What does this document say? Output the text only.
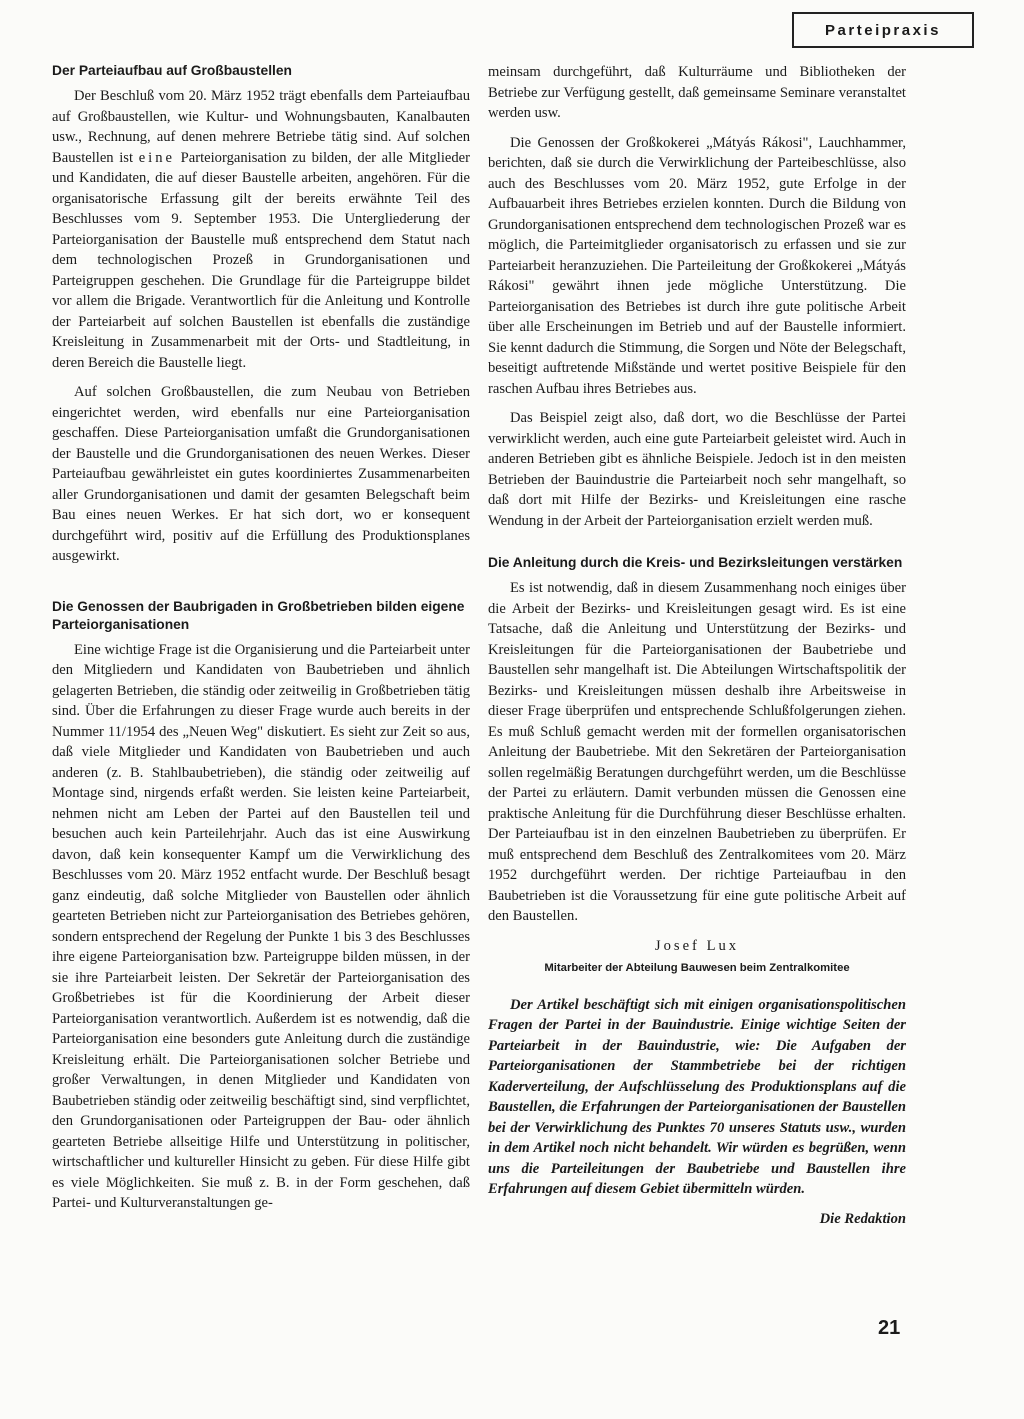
Parteipraxis
Der Parteiaufbau auf Großbaustellen

Der Beschluß vom 20. März 1952 trägt ebenfalls dem Parteiaufbau auf Großbaustellen, wie Kultur- und Wohnungsbauten, Kanalbauten usw., Rechnung, auf denen mehrere Betriebe tätig sind. Auf solchen Baustellen ist eine Parteiorganisation zu bilden, der alle Mitglieder und Kandidaten, die auf dieser Baustelle arbeiten, angehören. Für die organisatorische Erfassung gilt der bereits erwähnte Teil des Beschlusses vom 9. September 1953. Die Untergliederung der Parteiorganisation der Baustelle muß entsprechend dem Statut nach dem technologischen Prozeß in Grundorganisationen und Parteigruppen geschehen. Die Grundlage für die Parteigruppe bildet vor allem die Brigade. Verantwortlich für die Anleitung und Kontrolle der Parteiarbeit auf solchen Baustellen ist ebenfalls die zuständige Kreisleitung in Zusammenarbeit mit der Orts- und Stadtleitung, in deren Bereich die Baustelle liegt.

Auf solchen Großbaustellen, die zum Neubau von Betrieben eingerichtet werden, wird ebenfalls nur eine Parteiorganisation geschaffen. Diese Parteiorganisation umfaßt die Grundorganisationen der Baustelle und die Grundorganisationen des neuen Werkes. Dieser Parteiaufbau gewährleistet ein gutes koordiniertes Zusammenarbeiten aller Grundorganisationen und damit der gesamten Belegschaft beim Bau eines neuen Werkes. Er hat sich dort, wo er konsequent durchgeführt wird, positiv auf die Erfüllung des Produktionsplanes ausgewirkt.

Die Genossen der Baubrigaden in Großbetrieben bilden eigene Parteiorganisationen

Eine wichtige Frage ist die Organisierung und die Parteiarbeit unter den Mitgliedern und Kandidaten von Baubetrieben und ähnlich gelagerten Betrieben, die ständig oder zeitweilig in Großbetrieben tätig sind. Über die Erfahrungen zu dieser Frage wurde auch bereits in der Nummer 11/1954 des „Neuen Weg" diskutiert. Es sieht zur Zeit so aus, daß viele Mitglieder und Kandidaten von Baubetrieben und auch anderen (z. B. Stahlbaubetrieben), die ständig oder zeitweilig auf Montage sind, nirgends erfaßt werden. Sie leisten keine Parteiarbeit, nehmen nicht am Leben der Partei auf den Baustellen teil und besuchen auch kein Parteilehrjahr. Auch das ist eine Auswirkung davon, daß kein konsequenter Kampf um die Verwirklichung des Beschlusses vom 20. März 1952 entfacht wurde. Der Beschluß besagt ganz eindeutig, daß solche Mitglieder von Baustellen oder ähnlich gearteten Betrieben nicht zur Parteiorganisation des Betriebes gehören, sondern entsprechend der Regelung der Punkte 1 bis 3 des Beschlusses ihre eigene Parteiorganisation bzw. Parteigruppe bilden müssen, in der sie ihre Parteiarbeit leisten. Der Sekretär der Parteiorganisation des Großbetriebes ist für die Koordinierung der Arbeit dieser Parteiorganisation verantwortlich. Außerdem ist es notwendig, daß die Parteiorganisation eine besonders gute Anleitung durch die zuständige Kreisleitung erhält. Die Parteiorganisationen solcher Betriebe und großer Verwaltungen, in denen Mitglieder und Kandidaten von Baubetrieben ständig oder zeitweilig beschäftigt sind, sind verpflichtet, den Grundorganisationen oder Parteigruppen der Bau- oder ähnlich gearteten Betriebe allseitige Hilfe und Unterstützung in politischer, wirtschaftlicher und kultureller Hinsicht zu geben. Für diese Hilfe gibt es viele Möglichkeiten. Sie muß z. B. in der Form geschehen, daß Partei- und Kulturveranstaltungen ge-

meinsam durchgeführt, daß Kulturräume und Bibliotheken der Betriebe zur Verfügung gestellt, daß gemeinsame Seminare veranstaltet werden usw.

Die Genossen der Großkokerei „Mátyás Rákosi", Lauchhammer, berichten, daß sie durch die Verwirklichung der Parteibeschlüsse, also auch des Beschlusses vom 20. März 1952, gute Erfolge in der Aufbauarbeit ihres Betriebes erzielen konnten. Durch die Bildung von Grundorganisationen entsprechend dem technologischen Prozeß war es möglich, die Parteimitglieder organisatorisch zu erfassen und sie zur Parteiarbeit heranzuziehen. Die Parteileitung der Großkokerei „Mátyás Rákosi" gewährt ihnen jede mögliche Unterstützung. Die Parteiorganisation des Betriebes ist durch ihre gute politische Arbeit über alle Erscheinungen im Betrieb und auf der Baustelle informiert. Sie kennt dadurch die Stimmung, die Sorgen und Nöte der Belegschaft, beseitigt auftretende Mißstände und wertet positive Beispiele für den raschen Aufbau ihres Betriebes aus.

Das Beispiel zeigt also, daß dort, wo die Beschlüsse der Partei verwirklicht werden, auch eine gute Parteiarbeit geleistet wird. Auch in anderen Betrieben gibt es ähnliche Beispiele. Jedoch ist in den meisten Betrieben der Bauindustrie die Parteiarbeit noch sehr mangelhaft, so daß dort mit Hilfe der Bezirks- und Kreisleitungen eine rasche Wendung in der Arbeit der Parteiorganisation erzielt werden muß.

Die Anleitung durch die Kreis- und Bezirksleitungen verstärken

Es ist notwendig, daß in diesem Zusammenhang noch einiges über die Arbeit der Bezirks- und Kreisleitungen gesagt wird. Es ist eine Tatsache, daß die Anleitung und Unterstützung der Bezirks- und Kreisleitungen für die Parteiorganisationen der Baubetriebe und Baustellen sehr mangelhaft ist. Die Abteilungen Wirtschaftspolitik der Bezirks- und Kreisleitungen müssen deshalb ihre Arbeitsweise in dieser Frage überprüfen und entsprechende Schlußfolgerungen ziehen. Es muß Schluß gemacht werden mit der formellen organisatorischen Anleitung der Baubetriebe. Mit den Sekretären der Parteiorganisation sollen regelmäßig Beratungen durchgeführt werden, um die Beschlüsse der Partei zu erläutern. Damit verbunden müssen die Genossen eine praktische Anleitung für die Durchführung dieser Beschlüsse erhalten. Der Parteiaufbau ist in den einzelnen Baubetrieben zu überprüfen. Er muß entsprechend dem Beschluß des Zentralkomitees vom 20. März 1952 durchgeführt werden. Der richtige Parteiaufbau in den Baubetrieben ist die Voraussetzung für eine gute politische Arbeit auf den Baustellen.

Josef Lux
Mitarbeiter der Abteilung Bauwesen beim Zentralkomitee

Der Artikel beschäftigt sich mit einigen organisationspolitischen Fragen der Partei in der Bauindustrie. Einige wichtige Seiten der Parteiarbeit in der Bauindustrie, wie: Die Aufgaben der Parteiorganisationen der Stammbetriebe bei der richtigen Kaderverteilung, der Aufschlüsselung des Produktionsplans auf die Baustellen, die Erfahrungen der Parteiorganisationen der Baustellen bei der Verwirklichung des Punktes 70 unseres Statuts usw., wurden in dem Artikel noch nicht behandelt. Wir würden es begrüßen, wenn uns die Parteileitungen der Baubetriebe und Baustellen ihre Erfahrungen auf diesem Gebiet übermitteln würden.

Die Redaktion
21
